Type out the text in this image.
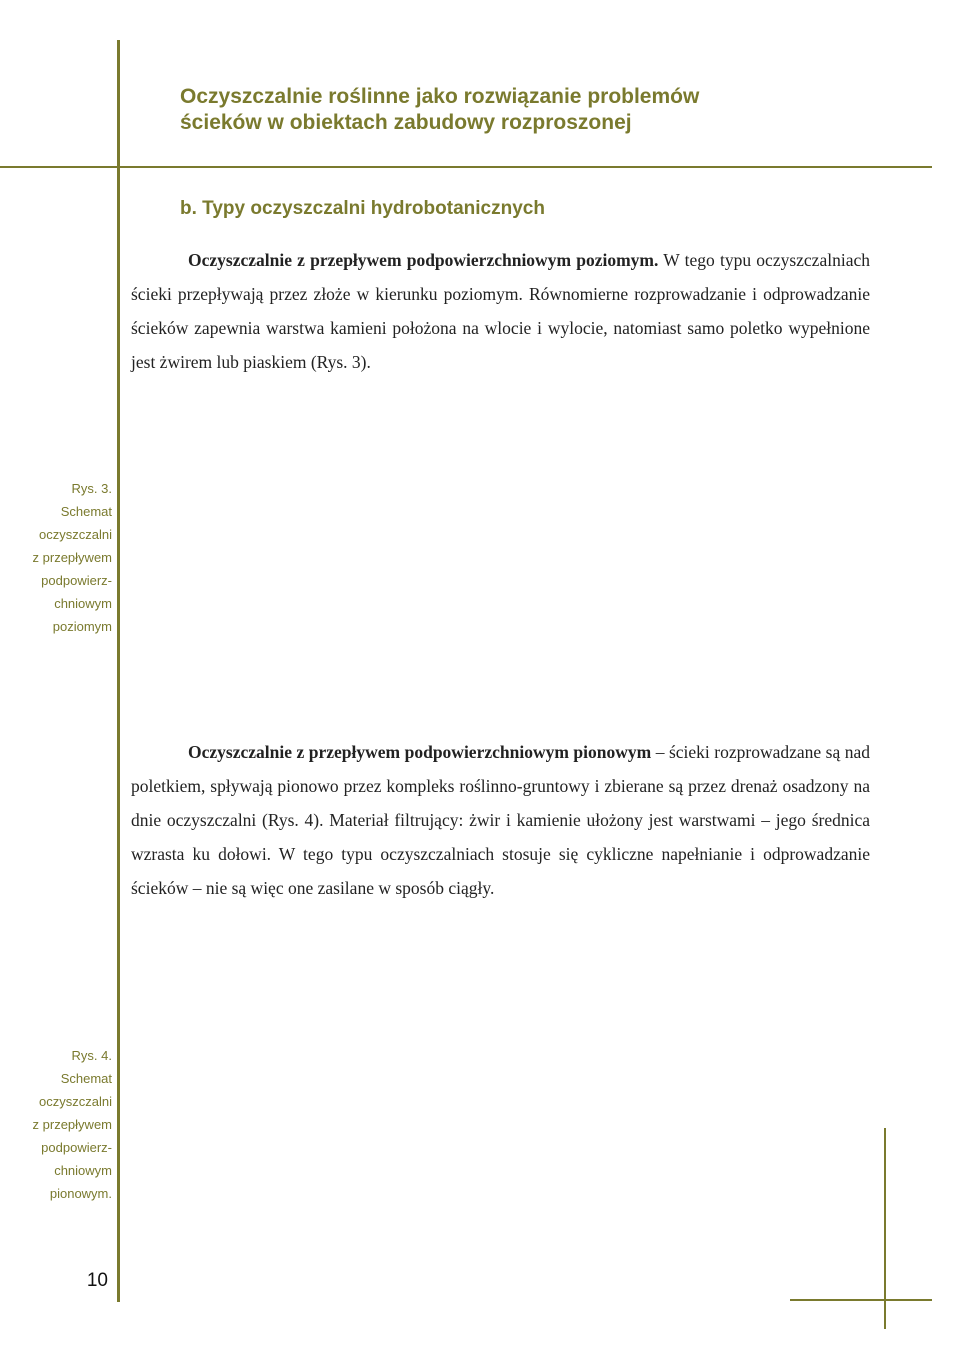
Oczyszczalnie roślinne jako rozwiązanie problemów
ścieków w obiektach zabudowy rozproszonej
b. Typy oczyszczalni hydrobotanicznych
Oczyszczalnie z przepływem podpowierzchniowym poziomym. W tego typu oczyszczalniach ścieki przepływają przez złoże w kierunku poziomym. Równomierne rozprowadzanie i odprowadzanie ścieków zapewnia warstwa kamieni położona na wlocie i wylocie, natomiast samo poletko wypełnione jest żwirem lub piaskiem (Rys. 3).
Rys. 3.
Schemat
oczyszczalni
z przepływem
podpowierz-
chniowym
poziomym
Oczyszczalnie z przepływem podpowierzchniowym pionowym – ścieki rozprowadzane są nad poletkiem, spływają pionowo przez kompleks roślinno-gruntowy i zbierane są przez drenaż osadzony na dnie oczyszczalni (Rys. 4). Materiał filtrujący: żwir i kamienie ułożony jest warstwami – jego średnica wzrasta ku dołowi. W tego typu oczyszczalniach stosuje się cykliczne napełnianie i odprowadzanie ścieków – nie są więc one zasilane w sposób ciągły.
Rys. 4.
Schemat
oczyszczalni
z przepływem
podpowierz-
chniowym
pionowym.
10
